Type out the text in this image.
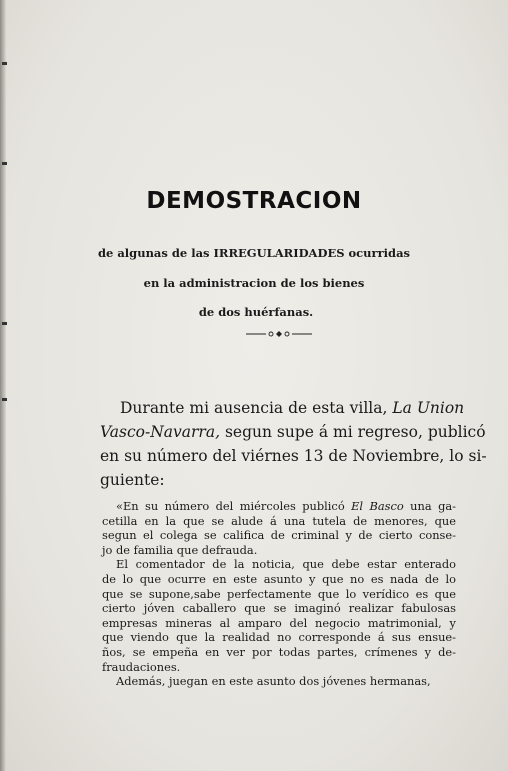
DEMOSTRACION
de algunas de las IRREGULARIDADES ocurridas
en la administracion de los bienes
de dos huérfanas.
Durante mi ausencia de esta villa, La Union
Vasco-Navarra, segun supe á mi regreso, publicó
en su número del viérnes 13 de Noviembre, lo si-
guiente:
«En su número del miércoles publicó El Basco una ga-
cetilla en la que se alude á una tutela de menores, que
segun el colega se califica de criminal y de cierto conse-
jo de familia que defrauda.
El comentador de la noticia, que debe estar enterado
de lo que ocurre en este asunto y que no es nada de lo
que se supone,sabe perfectamente que lo verídico es que
cierto jóven caballero que se imaginó realizar fabulosas
empresas mineras al amparo del negocio matrimonial, y
que viendo que la realidad no corresponde á sus ensue-
ños, se empeña en ver por todas partes, crímenes y de-
fraudaciones.
Además, juegan en este asunto dos jóvenes hermanas,
